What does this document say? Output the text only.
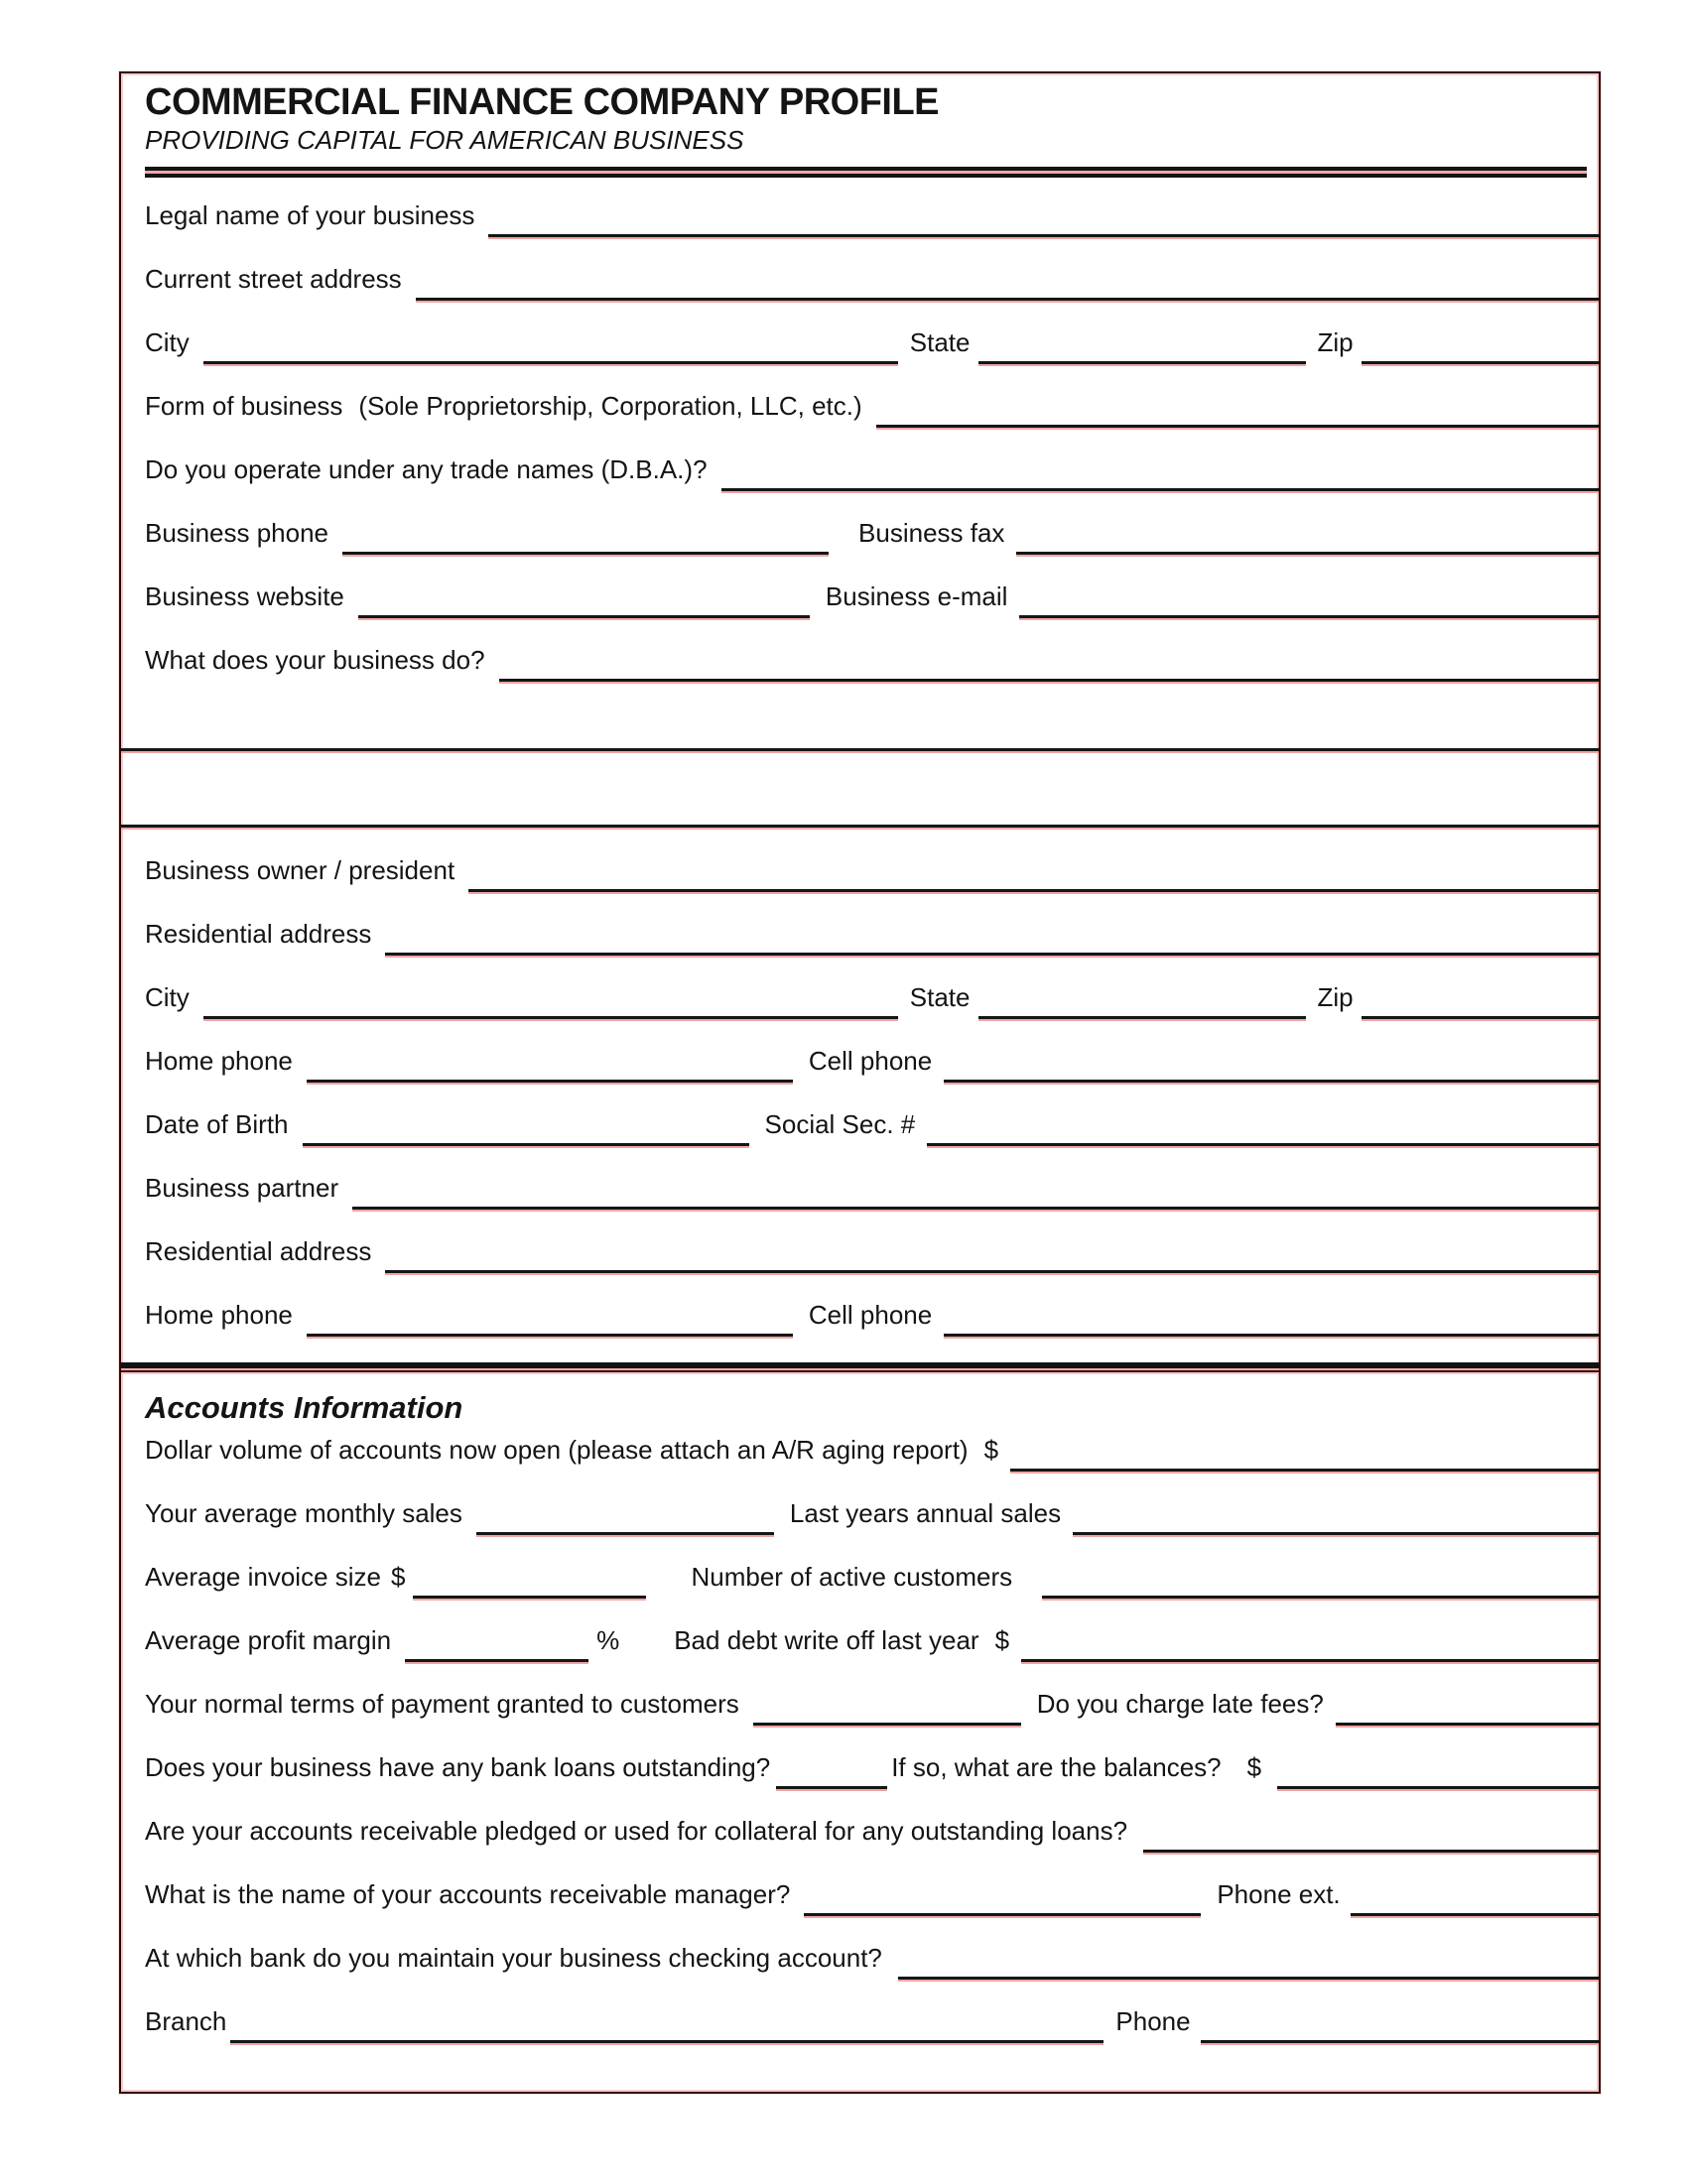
COMMERCIAL FINANCE COMPANY PROFILE
PROVIDING CAPITAL FOR AMERICAN BUSINESS
Legal name of your business
Current street address
City	State	Zip
Form of business (Sole Proprietorship, Corporation, LLC, etc.)
Do you operate under any trade names (D.B.A.)?
Business phone	Business fax
Business website	Business e-mail
What does your business do?
Business owner / president
Residential address
City	State	Zip
Home phone	Cell phone
Date of Birth	Social Sec. #
Business partner
Residential address
Home phone	Cell phone
Accounts Information
Dollar volume of accounts now open (please attach an A/R aging report) $
Your average monthly sales	Last years annual sales
Average invoice size $	Number of active customers
Average profit margin	% Bad debt write off last year $
Your normal terms of payment granted to customers	Do you charge late fees?
Does your business have any bank loans outstanding?	If so, what are the balances? $
Are your accounts receivable pledged or used for collateral for any outstanding loans?
What is the name of your accounts receivable manager?	Phone ext.
At which bank do you maintain your business checking account?
Branch	Phone
